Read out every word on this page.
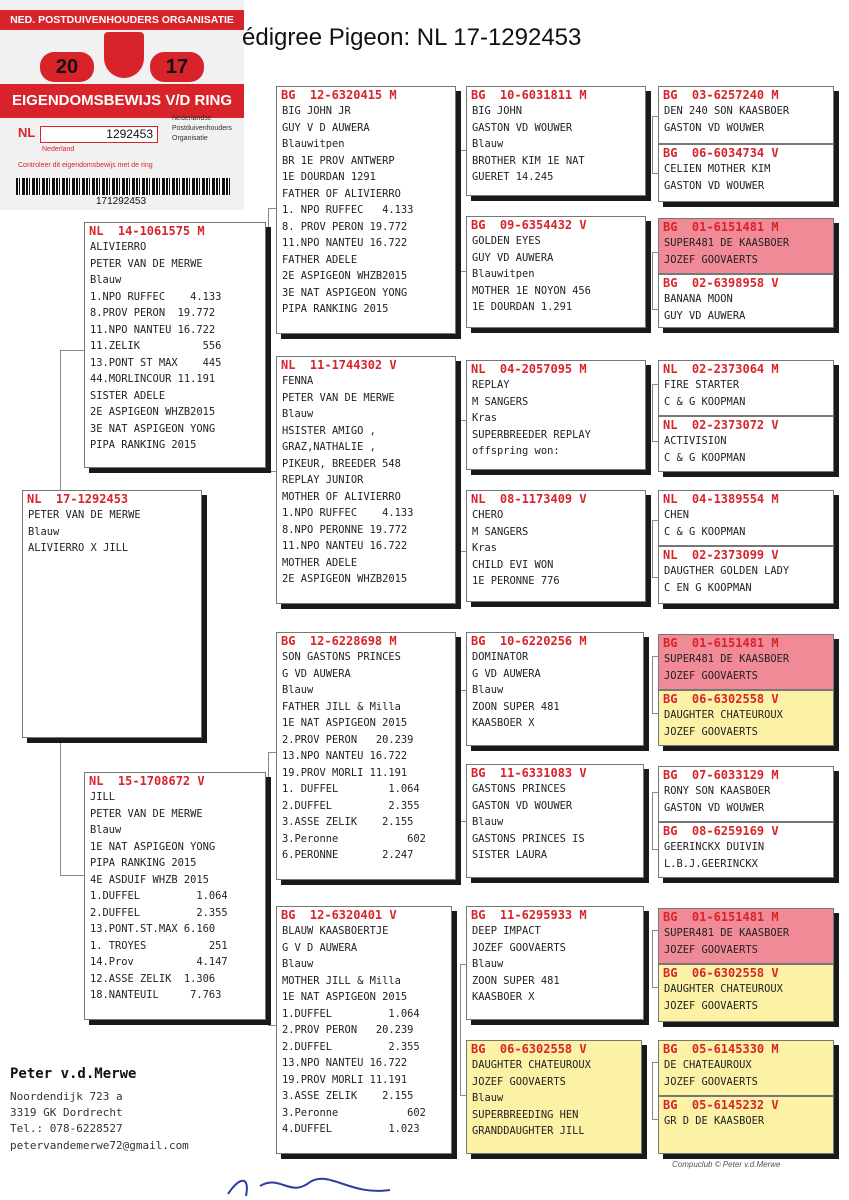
NED. POSTDUIVENHOUDERS ORGANISATIE
20	17
EIGENDOMSBEWIJS V/D RING
NL	1292453
Nederlandse
Postduivenhouders
Organisatie
Nederland
Controleer dit eigendomsbewijs met de ring
171292453
édigree Pigeon: NL 17-1292453
NL  17-1292453
PETER VAN DE MERWE
Blauw
ALIVIERRO X JILL
NL  14-1061575 M
ALIVIERRO
PETER VAN DE MERWE
Blauw
1.NPO RUFFEC    4.133
8.PROV PERON  19.772
11.NPO NANTEU 16.722
11.ZELIK          556
13.PONT ST MAX    445
44.MORLINCOUR 11.191
SISTER ADELE
2E ASPIGEON WHZB2015
3E NAT ASPIGEON YONG
PIPA RANKING 2015
NL  15-1708672 V
JILL
PETER VAN DE MERWE
Blauw
1E NAT ASPIGEON YONG
PIPA RANKING 2015
4E ASDUIF WHZB 2015
1.DUFFEL         1.064
2.DUFFEL         2.355
13.PONT.ST.MAX 6.160
1. TROYES          251
14.Prov          4.147
12.ASSE ZELIK  1.306
18.NANTEUIL     7.763
BG  12-6320415 M
BIG JOHN JR
GUY V D AUWERA
Blauwitpen
BR 1E PROV ANTWERP
1E DOURDAN 1291
FATHER OF ALIVIERRO
1. NPO RUFFEC   4.133
8. PROV PERON 19.772
11.NPO NANTEU 16.722
FATHER ADELE
2E ASPIGEON WHZB2015
3E NAT ASPIGEON YONG
PIPA RANKING 2015
NL  11-1744302 V
FENNA
PETER VAN DE MERWE
Blauw
HSISTER AMIGO ,
GRAZ,NATHALIE ,
PIKEUR, BREEDER 548
REPLAY JUNIOR
MOTHER OF ALIVIERRO
1.NPO RUFFEC    4.133
8.NPO PERONNE 19.772
11.NPO NANTEU 16.722
MOTHER ADELE
2E ASPIGEON WHZB2015
BG  12-6228698 M
SON GASTONS PRINCES
G VD AUWERA
Blauw
FATHER JILL & Milla
1E NAT ASPIGEON 2015
2.PROV PERON   20.239
13.NPO NANTEU 16.722
19.PROV MORLI 11.191
1. DUFFEL        1.064
2.DUFFEL         2.355
3.ASSE ZELIK    2.155
3.Peronne           602
6.PERONNE       2.247
BG  12-6320401 V
BLAUW KAASBOERTJE
G V D AUWERA
Blauw
MOTHER JILL & Milla
1E NAT ASPIGEON 2015
1.DUFFEL         1.064
2.PROV PERON   20.239
2.DUFFEL         2.355
13.NPO NANTEU 16.722
19.PROV MORLI 11.191
3.ASSE ZELIK    2.155
3.Peronne           602
4.DUFFEL         1.023
BG  10-6031811 M
BIG JOHN
GASTON VD WOUWER
Blauw
BROTHER KIM 1E NAT
GUERET 14.245
BG  09-6354432 V
GOLDEN EYES
GUY VD AUWERA
Blauwitpen
MOTHER 1E NOYON 456
1E DOURDAN 1.291
NL  04-2057095 M
REPLAY
M SANGERS
Kras
SUPERBREEDER REPLAY
offspring won:
NL  08-1173409 V
CHERO
M SANGERS
Kras
CHILD EVI WON
1E PERONNE 776
BG  10-6220256 M
DOMINATOR
G VD AUWERA
Blauw
ZOON SUPER 481
KAASBOER X
BG  11-6331083 V
GASTONS PRINCES
GASTON VD WOUWER
Blauw
GASTONS PRINCES IS
SISTER LAURA
BG  11-6295933 M
DEEP IMPACT
JOZEF GOOVAERTS
Blauw
ZOON SUPER 481
KAASBOER X
BG  06-6302558 V
DAUGHTER CHATEUROUX
JOZEF GOOVAERTS
Blauw
SUPERBREEDING HEN
GRANDDAUGHTER JILL
BG  03-6257240 M
DEN 240 SON KAASBOER
GASTON VD WOUWER
BG  06-6034734 V
CELIEN MOTHER KIM
GASTON VD WOUWER
BG  01-6151481 M
SUPER481 DE KAASBOER
JOZEF GOOVAERTS
BG  02-6398958 V
BANANA MOON
GUY VD AUWERA
NL  02-2373064 M
FIRE STARTER
C & G KOOPMAN
NL  02-2373072 V
ACTIVISION
C & G KOOPMAN
NL  04-1389554 M
CHEN
C & G KOOPMAN
NL  02-2373099 V
DAUGTHER GOLDEN LADY
C EN G KOOPMAN
BG  01-6151481 M
SUPER481 DE KAASBOER
JOZEF GOOVAERTS
BG  06-6302558 V
DAUGHTER CHATEUROUX
JOZEF GOOVAERTS
BG  07-6033129 M
RONY SON KAASBOER
GASTON VD WOUWER
BG  08-6259169 V
GEERINCKX DUIVIN
L.B.J.GEERINCKX
BG  01-6151481 M
SUPER481 DE KAASBOER
JOZEF GOOVAERTS
BG  06-6302558 V
DAUGHTER CHATEUROUX
JOZEF GOOVAERTS
BG  05-6145330 M
DE CHATEAUROUX
JOZEF GOOVAERTS
BG  05-6145232 V
GR D DE KAASBOER
Peter v.d.Merwe
Noordendijk 723 a
3319 GK Dordrecht
Tel.: 078-6228527
petervandemerwe72@gmail.com
Compuclub © Peter v.d.Merwe
